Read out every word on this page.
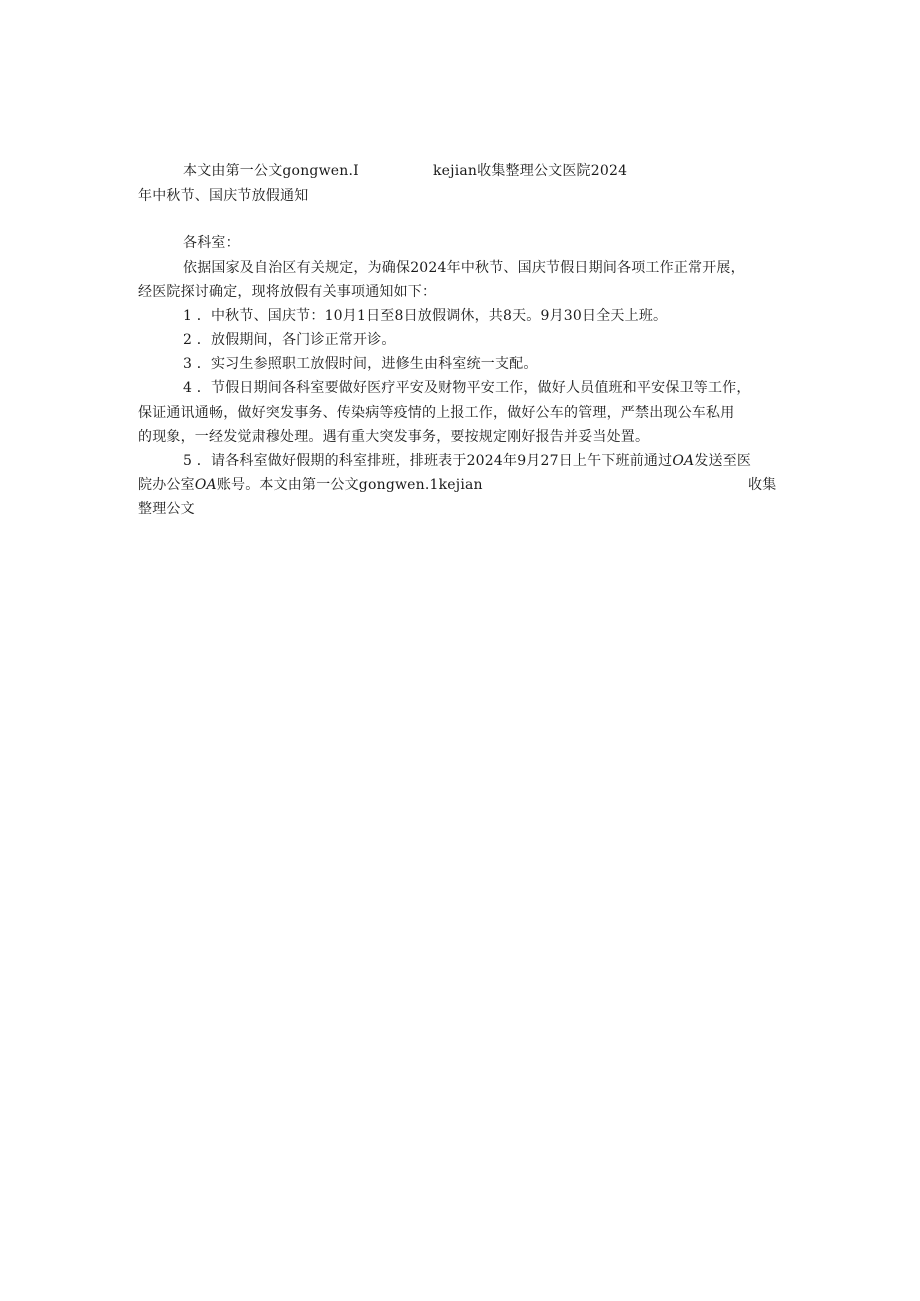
本文由第一公文gongwen.I	kejian收集整理公文医院2024
年中秋节、国庆节放假通知
各科室：
依据国家及自治区有关规定，为确保2024年中秋节、国庆节假日期间各项工作正常开展，
经医院探讨确定，现将放假有关事项通知如下：
1 ．中秋节、国庆节：10月1日至8日放假调休，共8天。9月30日全天上班。
2 ．放假期间，各门诊正常开诊。
3 ．实习生参照职工放假时间，进修生由科室统一支配。
4 ．节假日期间各科室要做好医疗平安及财物平安工作，做好人员值班和平安保卫等工作，
保证通讯通畅，做好突发事务、传染病等疫情的上报工作，做好公车的管理，严禁出现公车私用
的现象，一经发觉肃穆处理。遇有重大突发事务，要按规定刚好报告并妥当处置。
5 ．请各科室做好假期的科室排班，排班表于2024年9月27日上午下班前通过OA发送至医
院办公室OA账号。本文由第一公文gongwen.1kejian	收集
整理公文
